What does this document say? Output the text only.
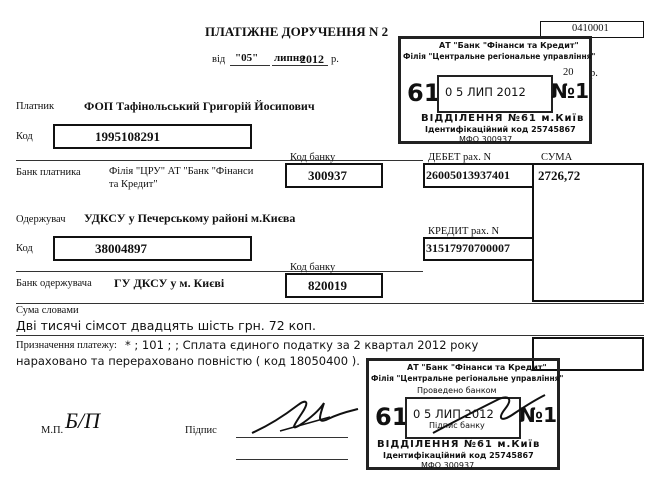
0410001
ПЛАТІЖНЕ ДОРУЧЕННЯ N 2
від "05" липня
2012 р.
20 р.
Платник ФОП Тафінольський Григорій Йосипович
Код	1995108291
Банк платника	Філія "ЦРУ" АТ "Банк "Фінанси
та Кредит"
Код банку
300937
ДЕБЕТ рах. N	СУМА
26005013937401 2726,72
Одержувач УДКСУ у Печерському районі м.Києва
Код	38004897
КРЕДИТ рах. N
31517970700007
Банк одержувача ГУ ДКСУ у м. Києві
Код банку
820019
Сума словами
Дві тисячі сімсот двадцять шість грн. 72 коп.
Призначення платежу: * ; 101 ; ; Сплата єдиного податку за 2 квартал 2012 року
нараховано та перераховано повністю ( код 18050400 ).
М.П. Б/П	Підпис
АТ "Банк "Фінанси та Кредит"
Філія "Центральне регіональне управління"
61 0 5 ЛИП 2012 №1
ВІДДІЛЕННЯ №61 м.Київ
Ідентифікаційний код 25745867
МФО 300937
АТ "Банк "Фінанси та Кредит"
Філія "Центральне регіональне управління"
Проведено банком
61 0 5 ЛИП 2012
Підпис банку №1
ВІДДІЛЕННЯ №61 м.Київ
Ідентифікаційний код 25745867
МФО 300937
